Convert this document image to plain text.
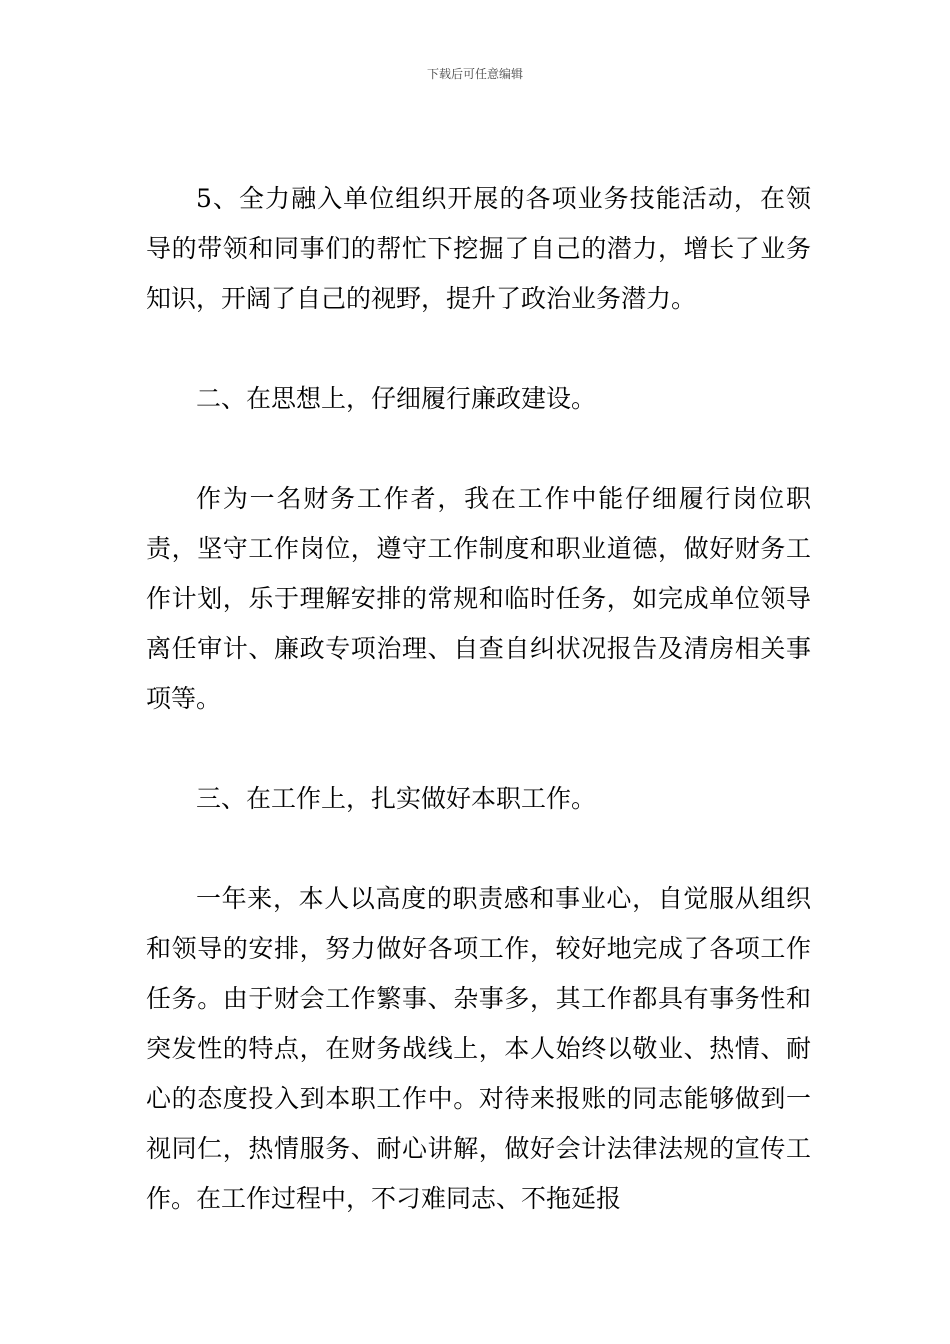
下载后可任意编辑

5、全力融入单位组织开展的各项业务技能活动，在领导的带领和同事们的帮忙下挖掘了自己的潜力，增长了业务知识，开阔了自己的视野，提升了政治业务潜力。

二、在思想上，仔细履行廉政建设。

作为一名财务工作者，我在工作中能仔细履行岗位职责，坚守工作岗位，遵守工作制度和职业道德，做好财务工作计划，乐于理解安排的常规和临时任务，如完成单位领导离任审计、廉政专项治理、自查自纠状况报告及清房相关事项等。

三、在工作上，扎实做好本职工作。

一年来，本人以高度的职责感和事业心，自觉服从组织和领导的安排，努力做好各项工作，较好地完成了各项工作任务。由于财会工作繁事、杂事多，其工作都具有事务性和突发性的特点，在财务战线上，本人始终以敬业、热情、耐心的态度投入到本职工作中。对待来报账的同志能够做到一视同仁，热情服务、耐心讲解，做好会计法律法规的宣传工作。在工作过程中，不刁难同志、不拖延报
